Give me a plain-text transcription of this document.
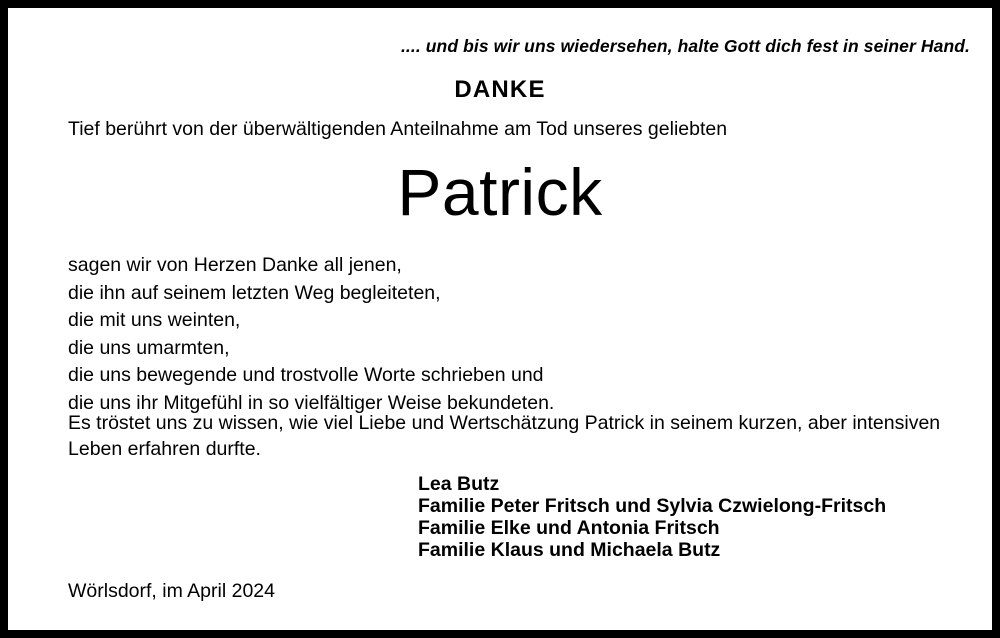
.... und bis wir uns wiedersehen, halte Gott dich fest in seiner Hand.
DANKE
Tief berührt von der überwältigenden Anteilnahme am Tod unseres geliebten
Patrick
sagen wir von Herzen Danke all jenen,
die ihn auf seinem letzten Weg begleiteten,
die mit uns weinten,
die uns umarmten,
die uns bewegende und trostvolle Worte schrieben und
die uns ihr Mitgefühl in so vielfältiger Weise bekundeten.
Es tröstet uns zu wissen, wie viel Liebe und Wertschätzung Patrick in seinem kurzen, aber intensiven Leben erfahren durfte.
Lea Butz
Familie Peter Fritsch und Sylvia Czwielong-Fritsch
Familie Elke und Antonia Fritsch
Familie Klaus und Michaela Butz
Wörlsdorf, im April 2024
